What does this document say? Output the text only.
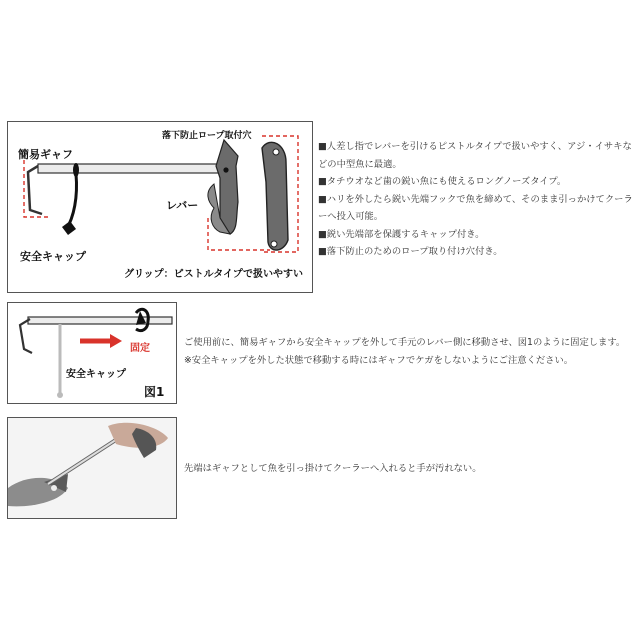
簡易ギャフ
安全キャップ
レバー
落下防止ロープ取付穴
グリップ：ピストルタイプで扱いやすい
■人差し指でレバーを引けるピストルタイプで扱いやすく、アジ・イサキなどの中型魚に最適。
■タチウオなど歯の鋭い魚にも使えるロングノーズタイプ。
■ハリを外したら鋭い先端フックで魚を締めて、そのまま引っかけてクーラーへ投入可能。
■鋭い先端部を保護するキャップ付き。
■落下防止のためのロープ取り付け穴付き。
固定
安全キャップ
図1
ご使用前に、簡易ギャフから安全キャップを外して手元のレバー側に移動させ、図1のように固定します。
※安全キャップを外した状態で移動する時にはギャフでケガをしないようにご注意ください。
先端はギャフとして魚を引っ掛けてクーラーへ入れると手が汚れない。
